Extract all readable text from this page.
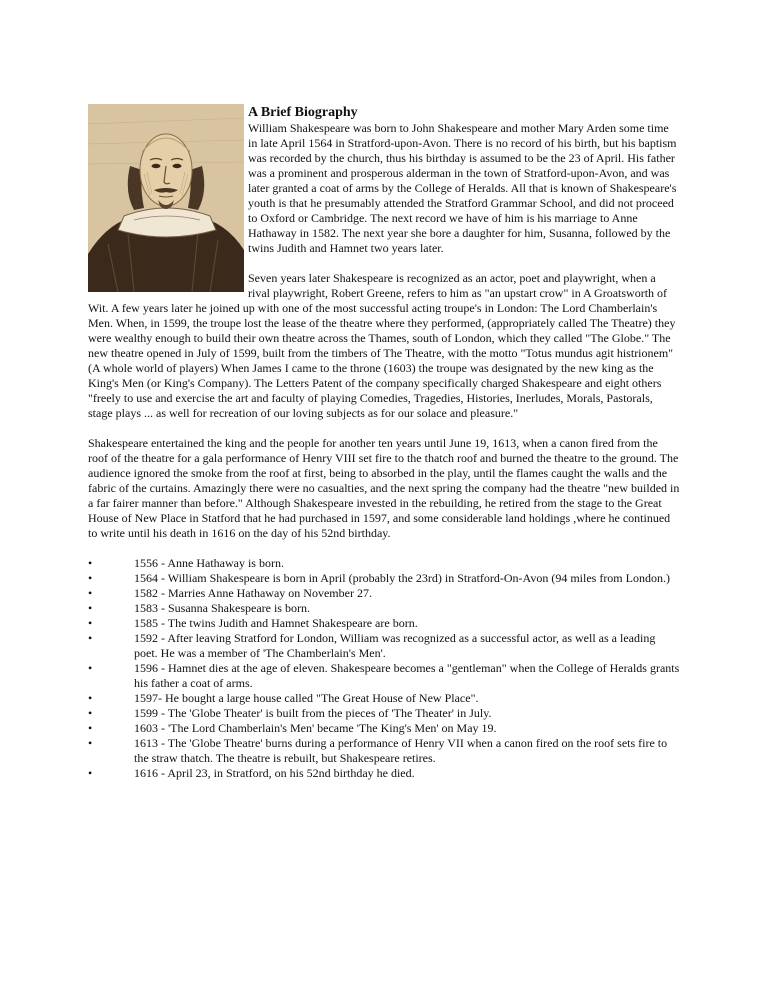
A Brief Biography

William Shakespeare was born to John Shakespeare and mother Mary Arden some time in late April 1564 in Stratford-upon-Avon. There is no record of his birth, but his baptism was recorded by the church, thus his birthday is assumed to be the 23 of April. His father was a prominent and prosperous alderman in the town of Stratford-upon-Avon, and was later granted a coat of arms by the College of Heralds. All that is known of Shakespeare's youth is that he presumably attended the Stratford Grammar School, and did not proceed to Oxford or Cambridge. The next record we have of him is his marriage to Anne Hathaway in 1582. The next year she bore a daughter for him, Susanna, followed by the twins Judith and Hamnet two years later.

Seven years later Shakespeare is recognized as an actor, poet and playwright, when a rival playwright, Robert Greene, refers to him as "an upstart crow" in A Groatsworth of Wit. A few years later he joined up with one of the most successful acting troupe's in London: The Lord Chamberlain's Men. When, in 1599, the troupe lost the lease of the theatre where they performed, (appropriately called The Theatre) they were wealthy enough to build their own theatre across the Thames, south of London, which they called "The Globe." The new theatre opened in July of 1599, built from the timbers of The Theatre, with the motto "Totus mundus agit histrionem" (A whole world of players) When James I came to the throne (1603) the troupe was designated by the new king as the King's Men (or King's Company). The Letters Patent of the company specifically charged Shakespeare and eight others "freely to use and exercise the art and faculty of playing Comedies, Tragedies, Histories, Inerludes, Morals, Pastorals, stage plays ... as well for recreation of our loving subjects as for our solace and pleasure."

Shakespeare entertained the king and the people for another ten years until June 19, 1613, when a canon fired from the roof of the theatre for a gala performance of Henry VIII set fire to the thatch roof and burned the theatre to the ground. The audience ignored the smoke from the roof at first, being to absorbed in the play, until the flames caught the walls and the fabric of the curtains. Amazingly there were no casualties, and the next spring the company had the theatre "new builded in a far fairer manner than before." Although Shakespeare invested in the rebuilding, he retired from the stage to the Great House of New Place in Statford that he had purchased in 1597, and some considerable land holdings ,where he continued to write until his death in 1616 on the day of his 52nd birthday.

• 1556 - Anne Hathaway is born.
• 1564 - William Shakespeare is born in April (probably the 23rd) in Stratford-On-Avon (94 miles from London.)
• 1582 - Marries Anne Hathaway on November 27.
• 1583 - Susanna Shakespeare is born.
• 1585 - The twins Judith and Hamnet Shakespeare are born.
• 1592 - After leaving Stratford for London, William was recognized as a successful actor, as well as a leading poet. He was a member of 'The Chamberlain's Men'.
• 1596 - Hamnet dies at the age of eleven. Shakespeare becomes a "gentleman" when the College of Heralds grants his father a coat of arms.
• 1597- He bought a large house called "The Great House of New Place".
• 1599 - The 'Globe Theater' is built from the pieces of 'The Theater' in July.
• 1603 - 'The Lord Chamberlain's Men' became 'The King's Men' on May 19.
• 1613 - The 'Globe Theatre' burns during a performance of Henry VII when a canon fired on the roof sets fire to the straw thatch. The theatre is rebuilt, but Shakespeare retires.
• 1616 - April 23, in Stratford, on his 52nd birthday he died.
